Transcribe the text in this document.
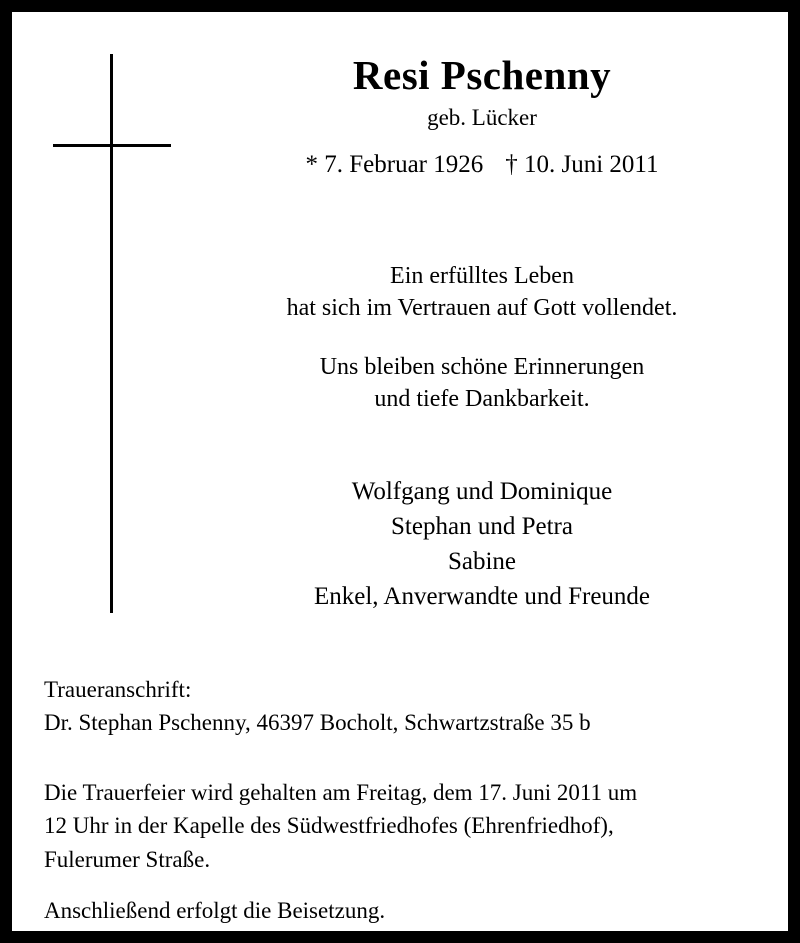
Resi Pschenny
geb. Lücker
* 7. Februar 1926 † 10. Juni 2011
Ein erfülltes Leben
hat sich im Vertrauen auf Gott vollendet.
Uns bleiben schöne Erinnerungen
und tiefe Dankbarkeit.
Wolfgang und Dominique
Stephan und Petra
Sabine
Enkel, Anverwandte und Freunde
Traueranschrift:
Dr. Stephan Pschenny, 46397 Bocholt, Schwartzstraße 35 b
Die Trauerfeier wird gehalten am Freitag, dem 17. Juni 2011 um
12 Uhr in der Kapelle des Südwestfriedhofes (Ehrenfriedhof),
Fulerumer Straße.
Anschließend erfolgt die Beisetzung.
